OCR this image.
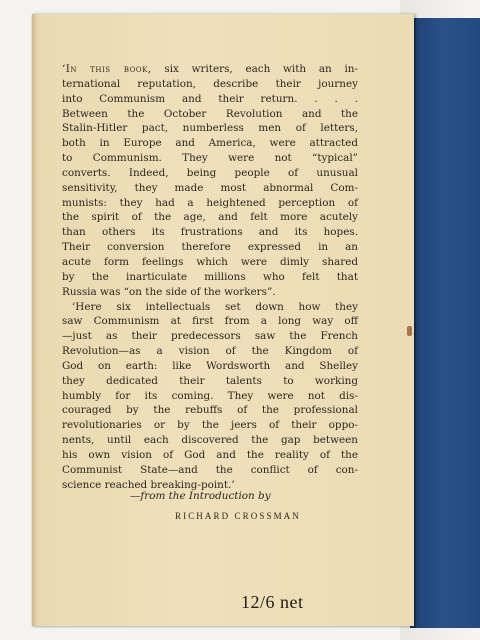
‘In this book, six writers, each with an in-
ternational reputation, describe their journey
into Communism and their return. . . .
Between the October Revolution and the
Stalin-Hitler pact, numberless men of letters,
both in Europe and America, were attracted
to Communism. They were not “typical”
converts. Indeed, being people of unusual
sensitivity, they made most abnormal Com-
munists: they had a heightened perception of
the spirit of the age, and felt more acutely
than others its frustrations and its hopes.
Their conversion therefore expressed in an
acute form feelings which were dimly shared
by the inarticulate millions who felt that
Russia was “on the side of the workers”.
‘Here six intellectuals set down how they
saw Communism at first from a long way off
—just as their predecessors saw the French
Revolution—as a vision of the Kingdom of
God on earth: like Wordsworth and Shelley
they dedicated their talents to working
humbly for its coming. They were not dis-
couraged by the rebuffs of the professional
revolutionaries or by the jeers of their oppo-
nents, until each discovered the gap between
his own vision of God and the reality of the
Communist State—and the conflict of con-
science reached breaking-point.’
—from the Introduction by
RICHARD CROSSMAN
12/6 net
